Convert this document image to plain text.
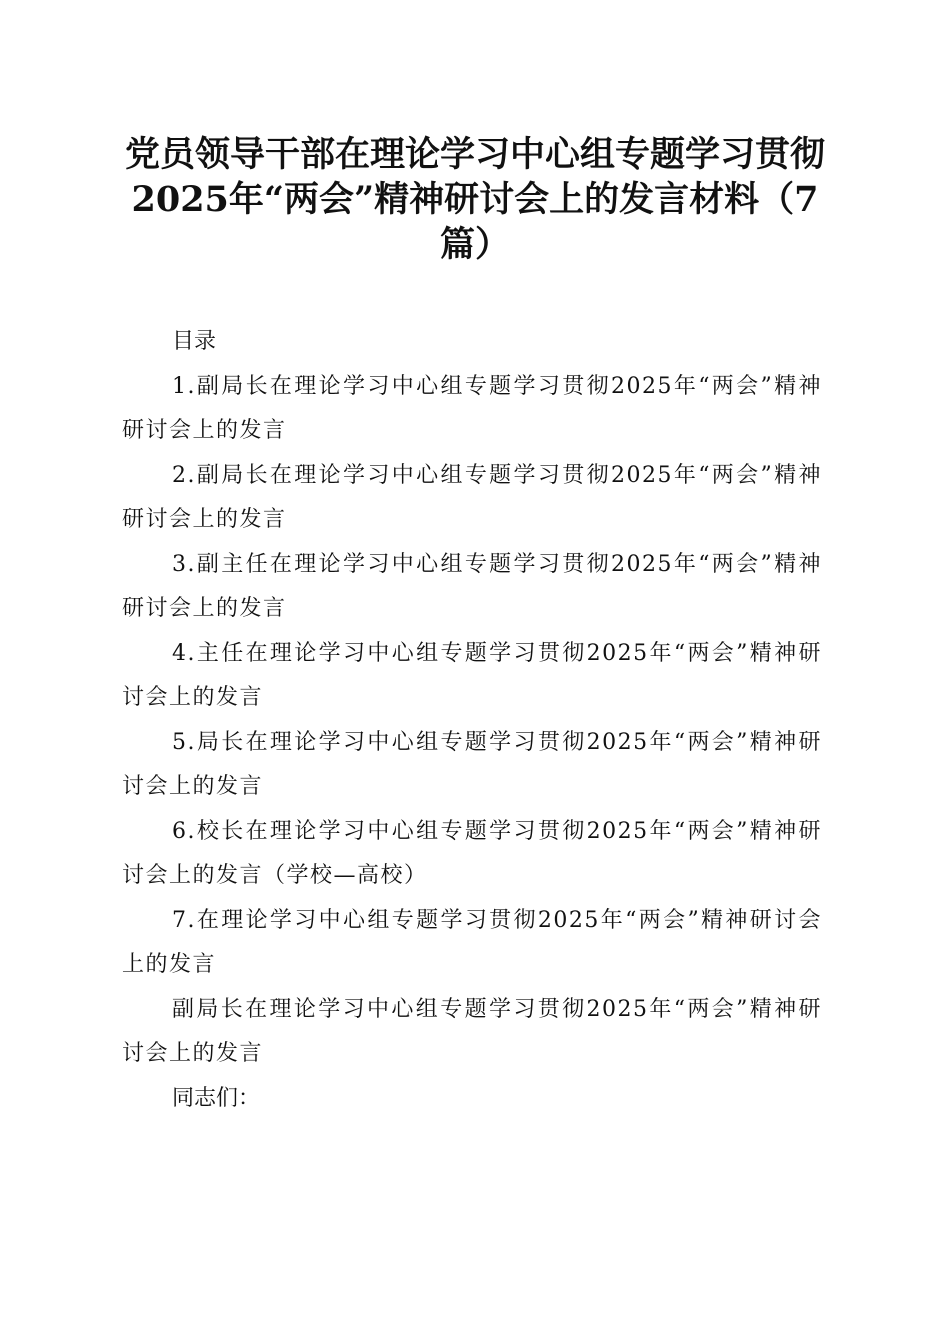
党员领导干部在理论学习中心组专题学习贯彻2025年“两会”精神研讨会上的发言材料（7篇）

目录

1.副局长在理论学习中心组专题学习贯彻2025年“两会”精神研讨会上的发言

2.副局长在理论学习中心组专题学习贯彻2025年“两会”精神研讨会上的发言

3.副主任在理论学习中心组专题学习贯彻2025年“两会”精神研讨会上的发言

4.主任在理论学习中心组专题学习贯彻2025年“两会”精神研讨会上的发言

5.局长在理论学习中心组专题学习贯彻2025年“两会”精神研讨会上的发言

6.校长在理论学习中心组专题学习贯彻2025年“两会”精神研讨会上的发言（学校—高校）

7.在理论学习中心组专题学习贯彻2025年“两会”精神研讨会上的发言

副局长在理论学习中心组专题学习贯彻2025年“两会”精神研讨会上的发言

同志们：
